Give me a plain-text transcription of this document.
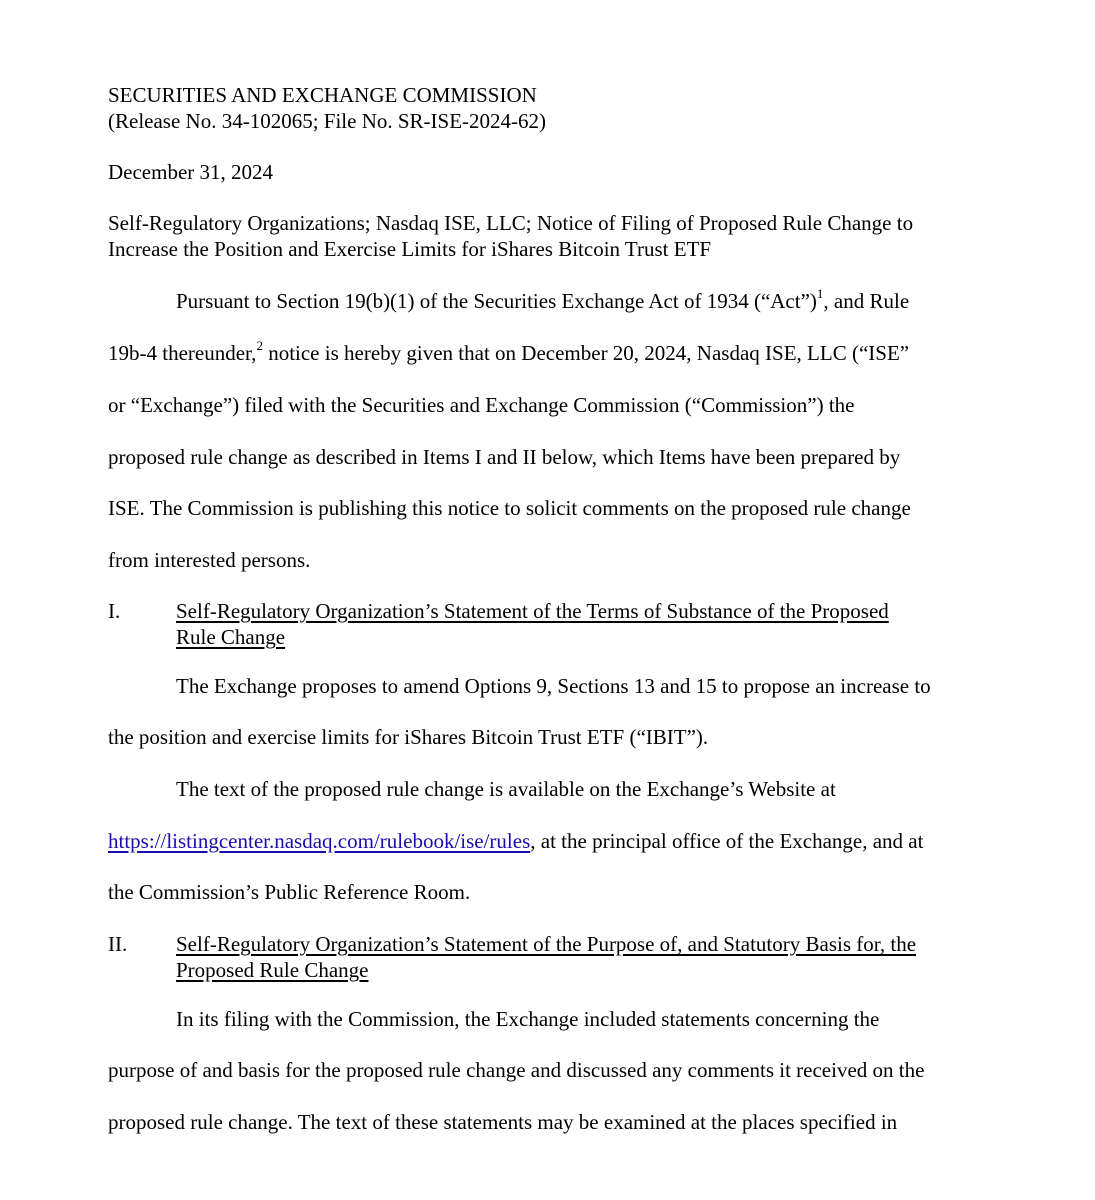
SECURITIES AND EXCHANGE COMMISSION
(Release No. 34-102065; File No. SR-ISE-2024-62)
December 31, 2024
Self-Regulatory Organizations; Nasdaq ISE, LLC; Notice of Filing of Proposed Rule Change to
Increase the Position and Exercise Limits for iShares Bitcoin Trust ETF
Pursuant to Section 19(b)(1) of the Securities Exchange Act of 1934 (“Act”)$^1$, and Rule
19b-4 thereunder,$^2$ notice is hereby given that on December 20, 2024, Nasdaq ISE, LLC (“ISE”
or “Exchange”) filed with the Securities and Exchange Commission (“Commission”) the
proposed rule change as described in Items I and II below, which Items have been prepared by
ISE. The Commission is publishing this notice to solicit comments on the proposed rule change
from interested persons.
I.	Self-Regulatory Organization’s Statement of the Terms of Substance of the Proposed
Rule Change
The Exchange proposes to amend Options 9, Sections 13 and 15 to propose an increase to
the position and exercise limits for iShares Bitcoin Trust ETF (“IBIT”).
The text of the proposed rule change is available on the Exchange’s Website at
https://listingcenter.nasdaq.com/rulebook/ise/rules, at the principal office of the Exchange, and at
the Commission’s Public Reference Room.
II. Self-Regulatory Organization’s Statement of the Purpose of, and Statutory Basis for, the
Proposed Rule Change
In its filing with the Commission, the Exchange included statements concerning the
purpose of and basis for the proposed rule change and discussed any comments it received on the
proposed rule change. The text of these statements may be examined at the places specified in
